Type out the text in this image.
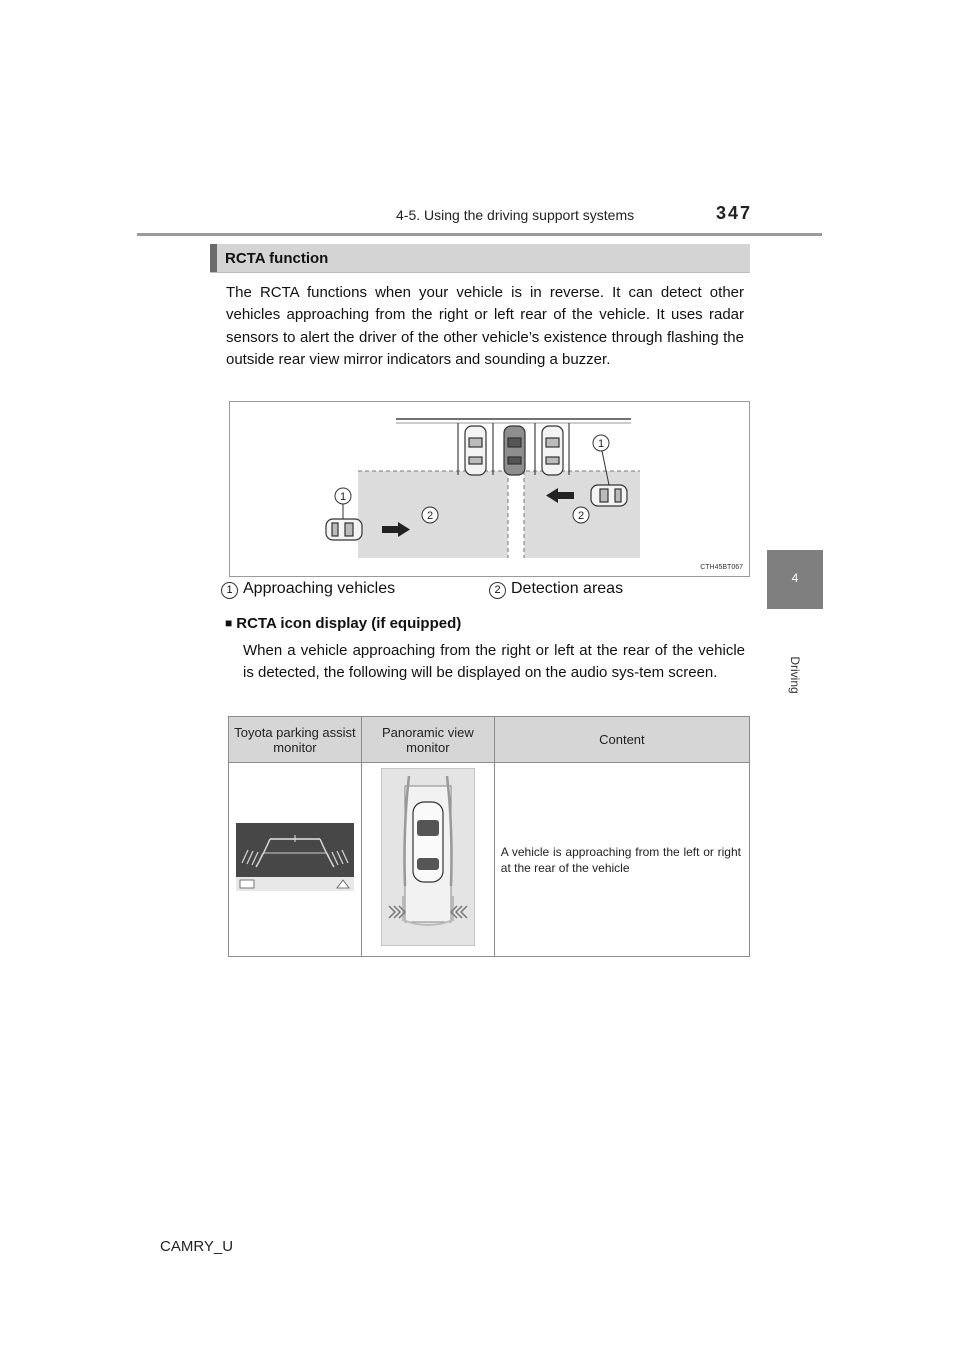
4-5. Using the driving support systems	347
4
Driving
RCTA function
The RCTA functions when your vehicle is in reverse. It can detect other vehicles approaching from the right or left rear of the vehicle. It uses radar sensors to alert the driver of the other vehicle’s existence through flashing the outside rear view mirror indicators and sounding a buzzer.
1
1
2	2
CTH45BT067
1 Approaching vehicles	2 Detection areas
■ RCTA icon display (if equipped)
When a vehicle approaching from the right or left at the rear of the vehicle is detected, the following will be displayed on the audio sys-tem screen.
Toyota parking assist monitor	Panoramic view monitor	Content
		A vehicle is approaching from the left or right at the rear of the vehicle
CAMRY_U
